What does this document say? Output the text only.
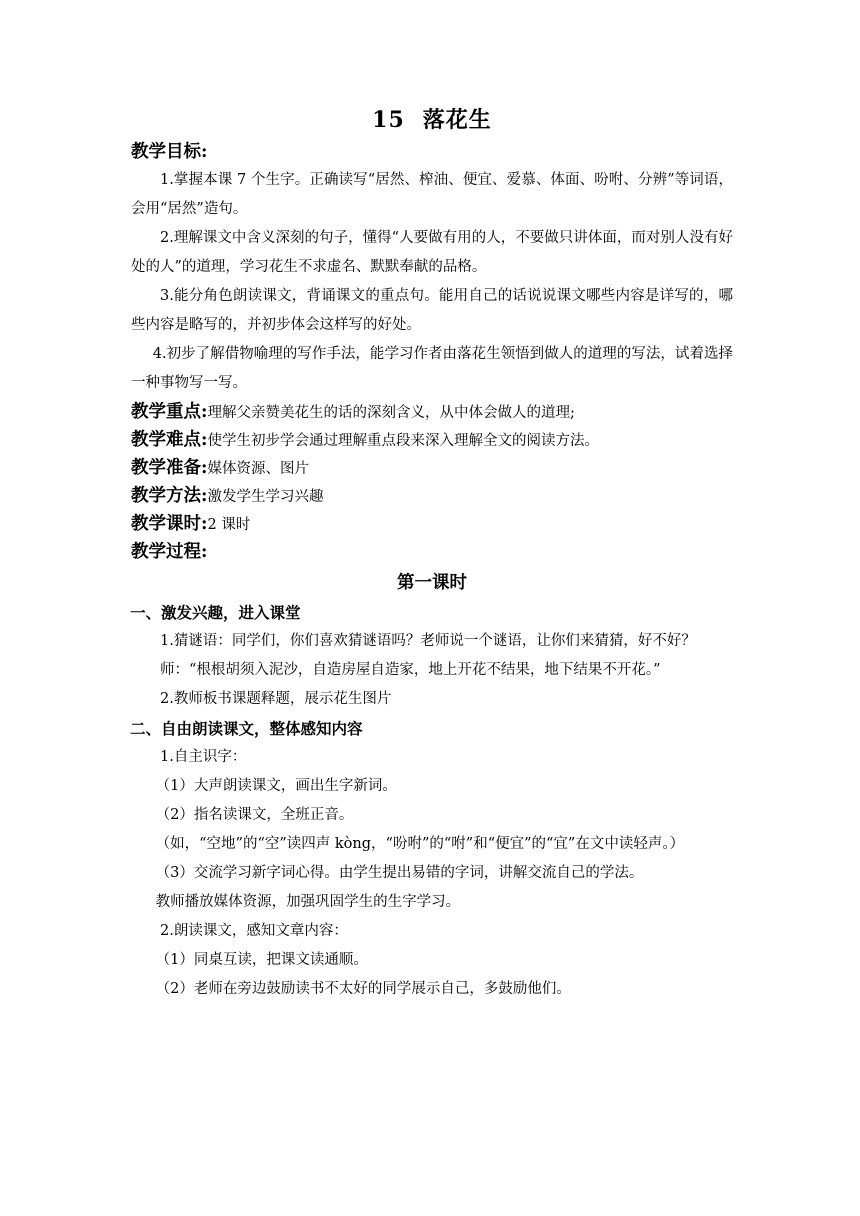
15 落花生
教学目标:

1.掌握本课 7 个生字。正确读写“居然、榨油、便宜、爱慕、体面、吩咐、分辨”等词语，会用“居然”造句。

2.理解课文中含义深刻的句子，懂得“人要做有用的人，不要做只讲体面，而对别人没有好处的人”的道理，学习花生不求虚名、默默奉献的品格。

3.能分角色朗读课文，背诵课文的重点句。能用自己的话说说课文哪些内容是详写的，哪些内容是略写的，并初步体会这样写的好处。

4.初步了解借物喻理的写作手法，能学习作者由落花生领悟到做人的道理的写法，试着选择一种事物写一写。

教学重点:理解父亲赞美花生的话的深刻含义，从中体会做人的道理;
教学难点:使学生初步学会通过理解重点段来深入理解全文的阅读方法。
教学准备:媒体资源、图片
教学方法:激发学生学习兴趣
教学课时:2 课时
教学过程:
第一课时
一、激发兴趣，进入课堂

1.猜谜语：同学们，你们喜欢猜谜语吗？老师说一个谜语，让你们来猜猜，好不好？

师：“根根胡须入泥沙，自造房屋自造家，地上开花不结果，地下结果不开花。”

2.教师板书课题释题，展示花生图片

二、自由朗读课文，整体感知内容

1.自主识字：

（1）大声朗读课文，画出生字新词。

（2）指名读课文，全班正音。

（如，“空地”的“空”读四声 kòng，“吩咐”的“咐”和“便宜”的“宜”在文中读轻声。）

（3）交流学习新字词心得。由学生提出易错的字词，讲解交流自己的学法。

教师播放媒体资源，加强巩固学生的生字学习。

2.朗读课文，感知文章内容：

（1）同桌互读，把课文读通顺。

（2）老师在旁边鼓励读书不太好的同学展示自己，多鼓励他们。
